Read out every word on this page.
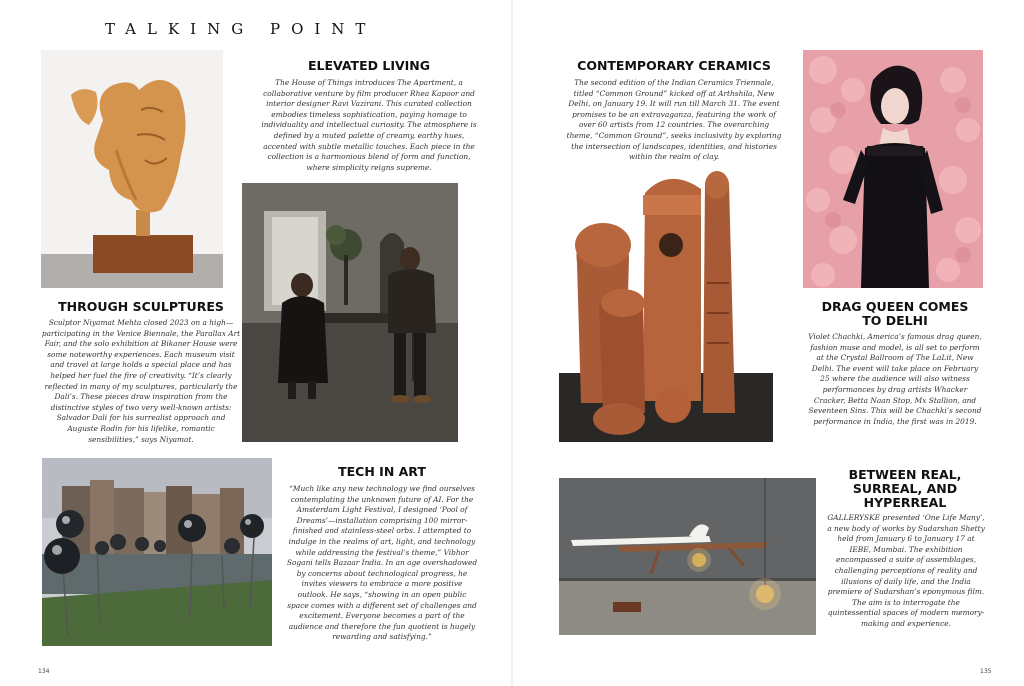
TALKING POINT
ELEVATED LIVING
The House of Things introduces The Apartment, a collaborative venture by film producer Rhea Kapoor and interior designer Ravi Vazirani. This curated collection embodies timeless sophistication, paying homage to individuality and intellectual curiosity. The atmosphere is defined by a muted palette of creamy, earthy hues, accented with subtle metallic touches. Each piece in the collection is a harmonious blend of form and function, where simplicity reigns supreme.
THROUGH SCULPTURES
Sculptor Niyamat Mehta closed 2023 on a high—participating in the Venice Biennale, the Parallax Art Fair, and the solo exhibition at Bikaner House were some noteworthy experiences. Each museum visit and travel at large holds a special place and has helped her fuel the fire of creativity. “It’s clearly reflected in many of my sculptures, particularly the Dali’s. These pieces draw inspiration from the distinctive styles of two very well-known artists: Salvador Dali for his surrealist approach and Auguste Rodin for his lifelike, romantic sensibilities,” says Niyamat.
TECH IN ART
“Much like any new technology we find ourselves contemplating the unknown future of AI. For the Amsterdam Light Festival, I designed ‘Pool of Dreams’—installation comprising 100 mirror-finished and stainless-steel orbs. I attempted to indulge in the realms of art, light, and technology while addressing the festival’s theme,” Vibhor Sogani tells Bazaar India. In an age overshadowed by concerns about technological progress, he invites viewers to embrace a more positive outlook. He says, “showing in an open public space comes with a different set of challenges and excitement. Everyone becomes a part of the audience and therefore the fun quotient is hugely rewarding and satisfying.”
134
CONTEMPORARY CERAMICS
The second edition of the Indian Ceramics Triennale, titled “Common Ground” kicked off at Arthshila, New Delhi, on January 19. It will run till March 31. The event promises to be an extravaganza, featuring the work of over 60 artists from 12 countries. The overarching theme, “Common Ground”, seeks inclusivity by exploring the intersection of landscapes, identities, and histories within the realm of clay.
DRAG QUEEN COMES TO DELHI
Violet Chachki, America’s famous drag queen, fashion muse and model, is all set to perform at the Crystal Ballroom of The LaLit, New Delhi. The event will take place on February 25 where the audience will also witness performances by drag artists Whacker Cracker, Betta Naan Stop, Mx Stallion, and Seventeen Sins. This will be Chachki’s second performance in India, the first was in 2019.
BETWEEN REAL, SURREAL, AND HYPERREAL
GALLERYSKE presented ‘One Life Many’, a new body of works by Sudarshan Shetty held from January 6 to January 17 at IEBE, Mumbai. The exhibition encompassed a suite of assemblages, challenging perceptions of reality and illusions of daily life, and the India premiere of Sudarshan’s eponymous film. The aim is to interrogate the quintessential spaces of modern memory-making and experience.
135
